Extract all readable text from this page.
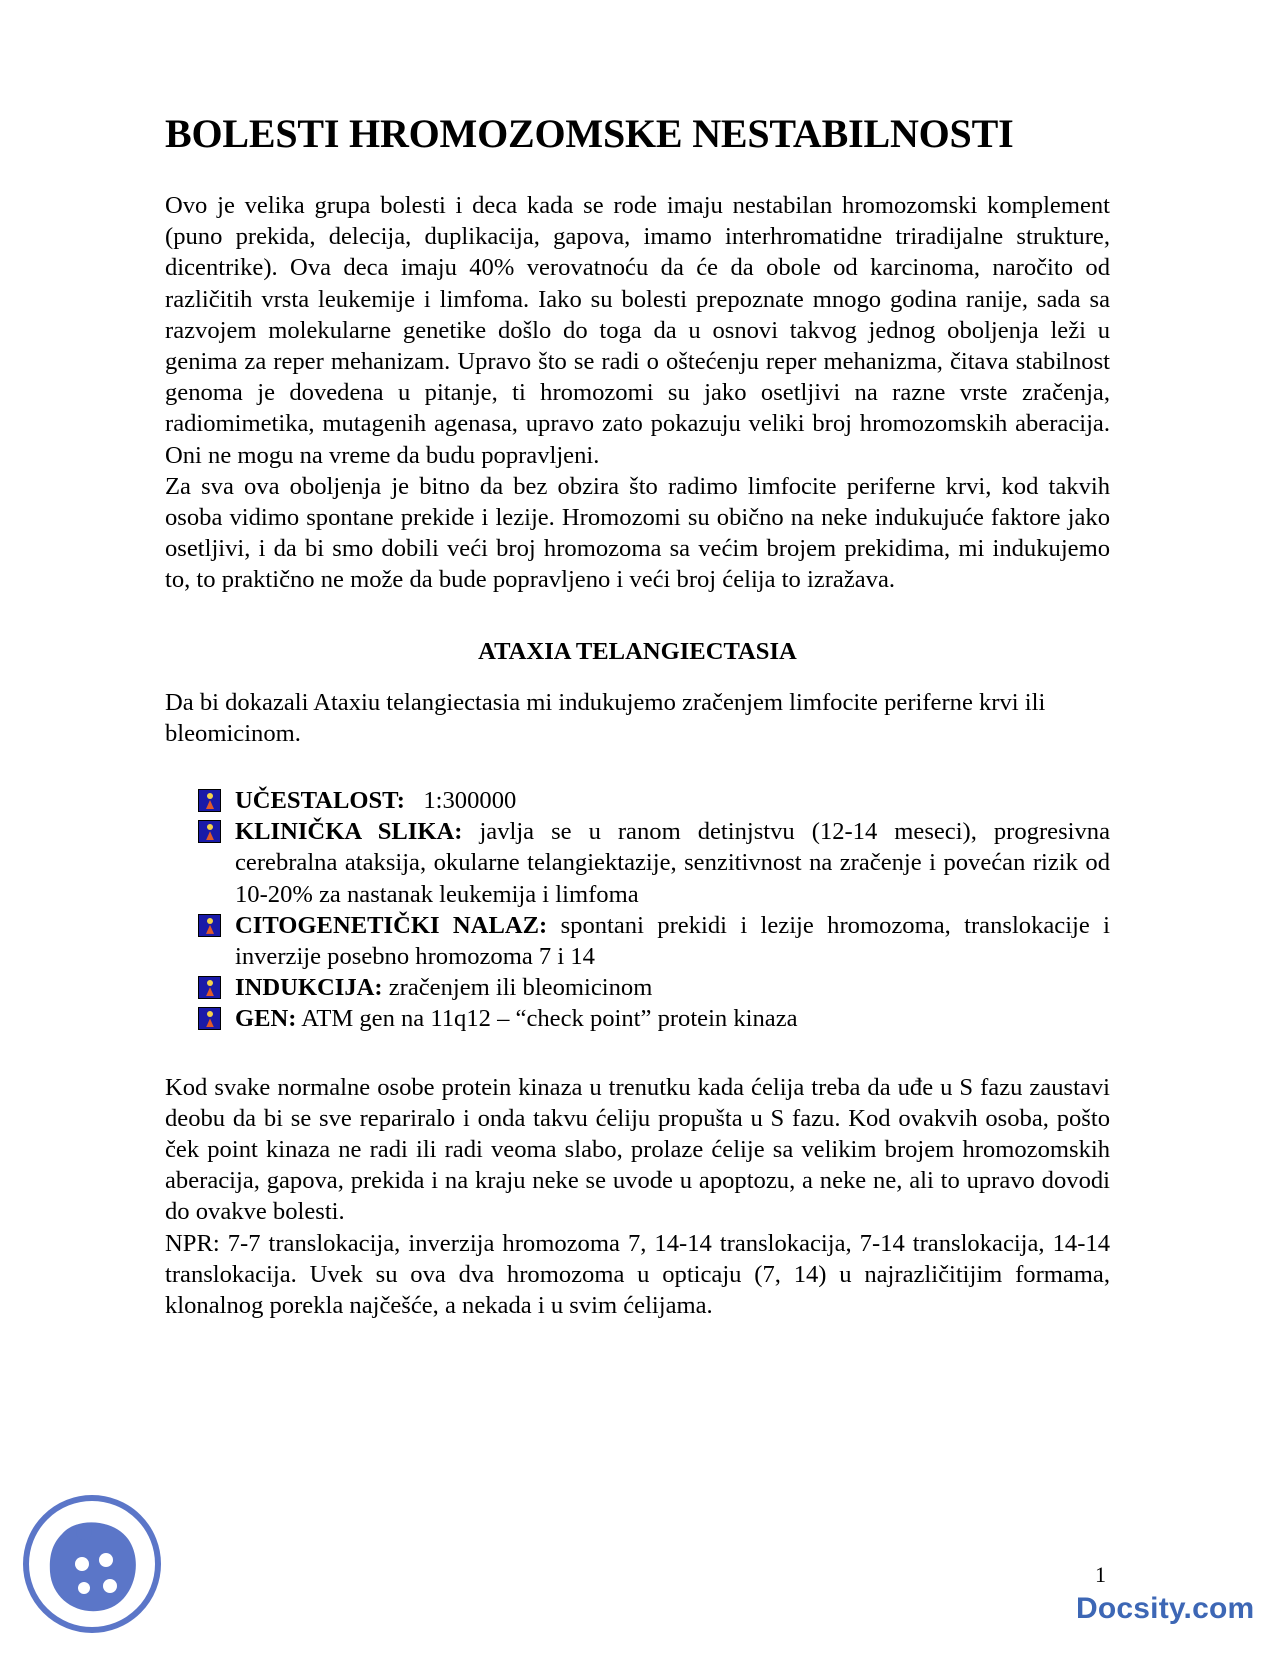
BOLESTI HROMOZOMSKE NESTABILNOSTI

Ovo je velika grupa bolesti i deca kada se rode imaju nestabilan hromozomski komplement (puno prekida, delecija, duplikacija, gapova, imamo interhromatidne triradijalne strukture, dicentrike). Ova deca imaju 40% verovatnoću da će da obole od karcinoma, naročito od različitih vrsta leukemije i limfoma. Iako su bolesti prepoznate mnogo godina ranije, sada sa razvojem molekularne genetike došlo do toga da u osnovi takvog jednog oboljenja leži u genima za reper mehanizam. Upravo što se radi o oštećenju reper mehanizma, čitava stabilnost genoma je dovedena u pitanje, ti hromozomi su jako osetljivi na razne vrste zračenja, radiomimetika, mutagenih agenasa, upravo zato pokazuju veliki broj hromozomskih aberacija. Oni ne mogu na vreme da budu popravljeni.

Za sva ova oboljenja je bitno da bez obzira što radimo limfocite periferne krvi, kod takvih osoba vidimo spontane prekide i lezije. Hromozomi su obično na neke indukujuće faktore jako osetljivi, i da bi smo dobili veći broj hromozoma sa većim brojem prekidima, mi indukujemo to, to praktično ne može da bude popravljeno i veći broj ćelija to izražava.

ATAXIA TELANGIECTASIA

Da bi dokazali Ataxiu telangiectasia mi indukujemo zračenjem limfocite periferne krvi ili bleomicinom.

UČESTALOST: 1:300000
KLINIČKA SLIKA: javlja se u ranom detinjstvu (12-14 meseci), progresivna cerebralna ataksija, okularne telangiektazije, senzitivnost na zračenje i povećan rizik od 10-20% za nastanak leukemija i limfoma
CITOGENETIČKI NALAZ: spontani prekidi i lezije hromozoma, translokacije i inverzije posebno hromozoma 7 i 14
INDUKCIJA: zračenjem ili bleomicinom
GEN: ATM gen na 11q12 – “check point” protein kinaza

Kod svake normalne osobe protein kinaza u trenutku kada ćelija treba da uđe u S fazu zaustavi deobu da bi se sve repariralo i onda takvu ćeliju propušta u S fazu. Kod ovakvih osoba, pošto ček point kinaza ne radi ili radi veoma slabo, prolaze ćelije sa velikim brojem hromozomskih aberacija, gapova, prekida i na kraju neke se uvode u apoptozu, a neke ne, ali to upravo dovodi do ovakve bolesti.

NPR: 7-7 translokacija, inverzija hromozoma 7, 14-14 translokacija, 7-14 translokacija, 14-14 translokacija. Uvek su ova dva hromozoma u opticaju (7, 14) u najrazličitijim formama, klonalnog porekla najčešće, a nekada i u svim ćelijama.

1
Docsity.com
